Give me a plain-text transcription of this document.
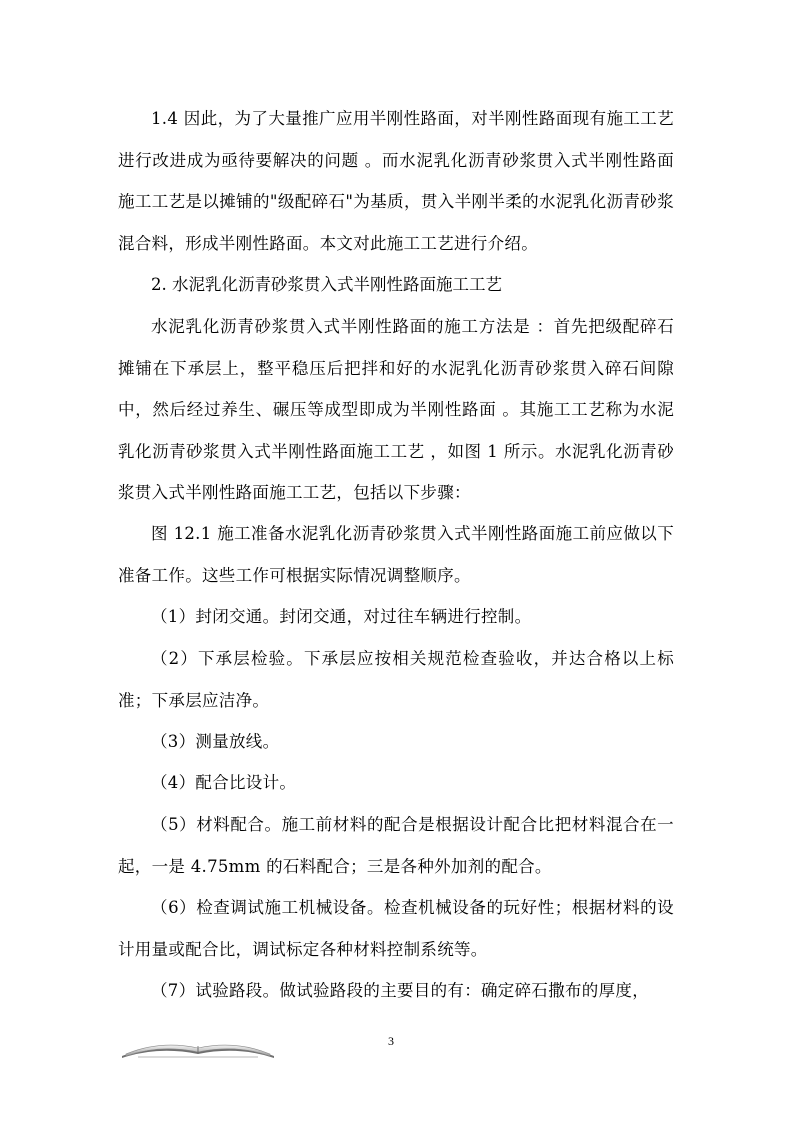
1.4 因此，为了大量推广应用半刚性路面，对半刚性路面现有施工工艺进行改进成为亟待要解决的问题 。而水泥乳化沥青砂浆贯入式半刚性路面施工工艺是以摊铺的"级配碎石"为基质，贯入半刚半柔的水泥乳化沥青砂浆混合料，形成半刚性路面。本文对此施工工艺进行介绍。

2. 水泥乳化沥青砂浆贯入式半刚性路面施工工艺

水泥乳化沥青砂浆贯入式半刚性路面的施工方法是 ：首先把级配碎石摊铺在下承层上，整平稳压后把拌和好的水泥乳化沥青砂浆贯入碎石间隙中，然后经过养生、碾压等成型即成为半刚性路面 。其施工工艺称为水泥乳化沥青砂浆贯入式半刚性路面施工工艺 ，如图 1 所示。水泥乳化沥青砂浆贯入式半刚性路面施工工艺，包括以下步骤：

图 12.1 施工准备水泥乳化沥青砂浆贯入式半刚性路面施工前应做以下准备工作。这些工作可根据实际情况调整顺序。

（1）封闭交通。封闭交通，对过往车辆进行控制。

（2）下承层检验。下承层应按相关规范检查验收，并达合格以上标准；下承层应洁净。

（3）测量放线。

（4）配合比设计。

（5）材料配合。施工前材料的配合是根据设计配合比把材料混合在一起，一是 4.75mm 的石料配合；三是各种外加剂的配合。

（6）检查调试施工机械设备。检查机械设备的玩好性；根据材料的设计用量或配合比，调试标定各种材料控制系统等。

（7）试验路段。做试验路段的主要目的有：确定碎石撒布的厚度，

3
